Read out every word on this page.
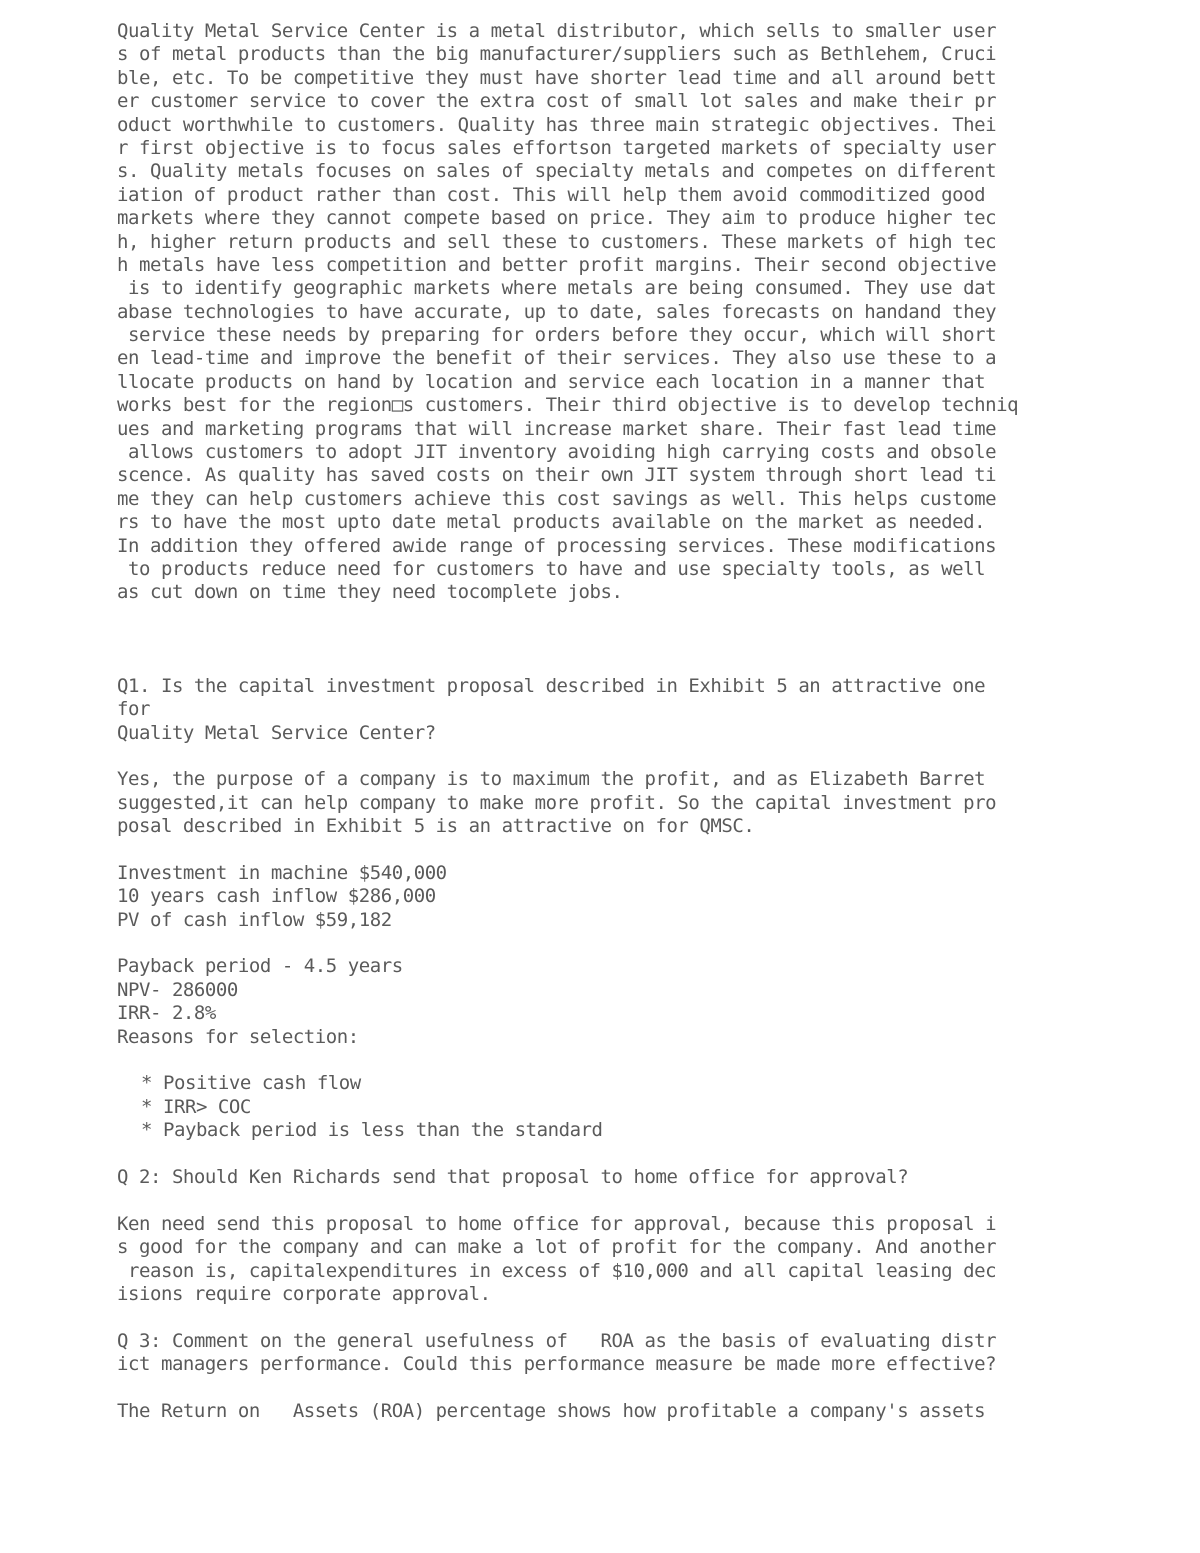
Quality Metal Service Center is a metal distributor, which sells to smaller user
s of metal products than the big manufacturer/suppliers such as Bethlehem, Cruci
ble, etc. To be competitive they must have shorter lead time and all around bett
er customer service to cover the extra cost of small lot sales and make their pr
oduct worthwhile to customers. Quality has three main strategic objectives. Thei
r first objective is to focus sales effortson targeted markets of specialty user
s. Quality metals focuses on sales of specialty metals and competes on different
iation of product rather than cost. This will help them avoid commoditized good
markets where they cannot compete based on price. They aim to produce higher tec
h, higher return products and sell these to customers. These markets of high tec
h metals have less competition and better profit margins. Their second objective
is to identify geographic markets where metals are being consumed. They use dat
abase technologies to have accurate, up to date, sales forecasts on handand they
service these needs by preparing for orders before they occur, which will short
en lead-time and improve the benefit of their services. They also use these to a
llocate products on hand by location and service each location in a manner that
works best for the region□s customers. Their third objective is to develop techniq
ues and marketing programs that will increase market share. Their fast lead time
allows customers to adopt JIT inventory avoiding high carrying costs and obsole
scence. As quality has saved costs on their own JIT system through short lead ti
me they can help customers achieve this cost savings as well. This helps custome
rs to have the most upto date metal products available on the market as needed.
In addition they offered awide range of processing services. These modifications
to products reduce need for customers to have and use specialty tools, as well
as cut down on time they need tocomplete jobs.
Q1. Is the capital investment proposal described in Exhibit 5 an attractive one
for
Quality Metal Service Center?
Yes, the purpose of a company is to maximum the profit, and as Elizabeth Barret
suggested,it can help company to make more profit. So the capital investment pro
posal described in Exhibit 5 is an attractive on for QMSC.
Investment in machine $540,000
10 years cash inflow $286,000
PV of cash inflow $59,182
Payback period - 4.5 years
NPV- 286000
IRR- 2.8%
Reasons for selection:
* Positive cash flow
* IRR> COC
* Payback period is less than the standard
Q 2: Should Ken Richards send that proposal to home office for approval?
Ken need send this proposal to home office for approval, because this proposal i
s good for the company and can make a lot of profit for the company. And another
reason is, capitalexpenditures in excess of $10,000 and all capital leasing dec
isions require corporate approval.
Q 3: Comment on the general usefulness of   ROA as the basis of evaluating distr
ict managers performance. Could this performance measure be made more effective?
The Return on   Assets (ROA) percentage shows how profitable a company's assets
